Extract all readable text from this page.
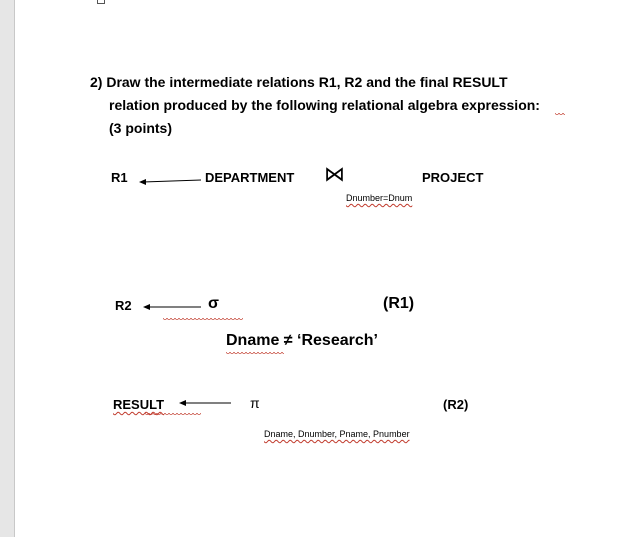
2) Draw the intermediate relations R1, R2 and the final RESULT
relation produced by the following relational algebra expression:
(3 points)
R1	DEPARTMENT ⋈	PROJECT
Dnumber=Dnum
R2	σ	(R1)
Dname ≠ ‘Research’
RESULT	π	(R2)
Dname, Dnumber, Pname, Pnumber
